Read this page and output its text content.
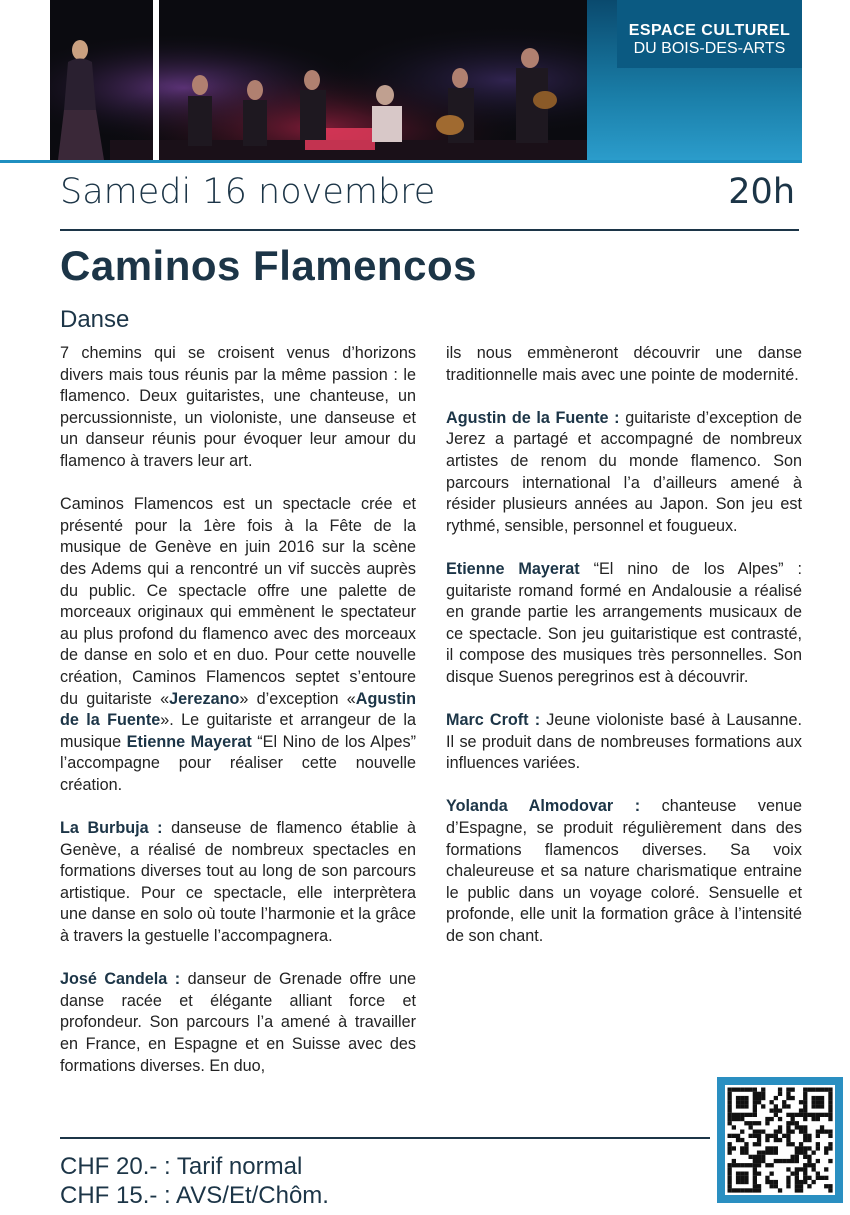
ESPACE CULTUREL
DU BOIS-DES-ARTS
Samedi 16 novembre	20h
Caminos Flamencos
Danse

7 chemins qui se croisent venus d’horizons divers mais tous réunis par la même passion : le flamenco. Deux guitaristes, une chanteuse, un percussionniste, un violoniste, une danseuse et un danseur réunis pour évoquer leur amour du flamenco à travers leur art.

Caminos Flamencos est un spectacle crée et présenté pour la 1ère fois à la Fête de la musique de Genève en juin 2016 sur la scène des Adems qui a rencontré un vif succès auprès du public. Ce spectacle offre une palette de morceaux originaux qui emmènent le spectateur au plus profond du flamenco avec des morceaux de danse en solo et en duo. Pour cette nouvelle création, Caminos Flamencos septet s’entoure du guitariste «Jerezano» d’exception «Agustin de la Fuente». Le guitariste et arrangeur de la musique Etienne Mayerat “El Nino de los Alpes” l’accompagne pour réaliser cette nouvelle création.

La Burbuja : danseuse de flamenco établie à Genève, a réalisé de nombreux spectacles en formations diverses tout au long de son parcours artistique. Pour ce spectacle, elle interprètera une danse en solo où toute l’harmonie et la grâce à travers la gestuelle l’accompagnera.

José Candela : danseur de Grenade offre une danse racée et élégante alliant force et profondeur. Son parcours l’a amené à travailler en France, en Espagne et en Suisse avec des formations diverses. En duo,

ils nous emmèneront découvrir une danse traditionnelle mais avec une pointe de modernité.

Agustin de la Fuente : guitariste d’exception de Jerez a partagé et accompagné de nombreux artistes de renom du monde flamenco. Son parcours international l’a d’ailleurs amené à résider plusieurs années au Japon. Son jeu est rythmé, sensible, personnel et fougueux.

Etienne Mayerat “El nino de los Alpes” : guitariste romand formé en Andalousie a réalisé en grande partie les arrangements musicaux de ce spectacle. Son jeu guitaristique est contrasté, il compose des musiques très personnelles. Son disque Suenos peregrinos est à découvrir.

Marc Croft : Jeune violoniste basé à Lausanne. Il se produit dans de nombreuses formations aux influences variées.

Yolanda Almodovar : chanteuse venue d’Espagne, se produit régulièrement dans des formations flamencos diverses. Sa voix chaleureuse et sa nature charismatique entraine le public dans un voyage coloré. Sensuelle et profonde, elle unit la formation grâce à l’intensité de son chant.

CHF 20.- : Tarif normal
CHF 15.- : AVS/Et/Chôm.
